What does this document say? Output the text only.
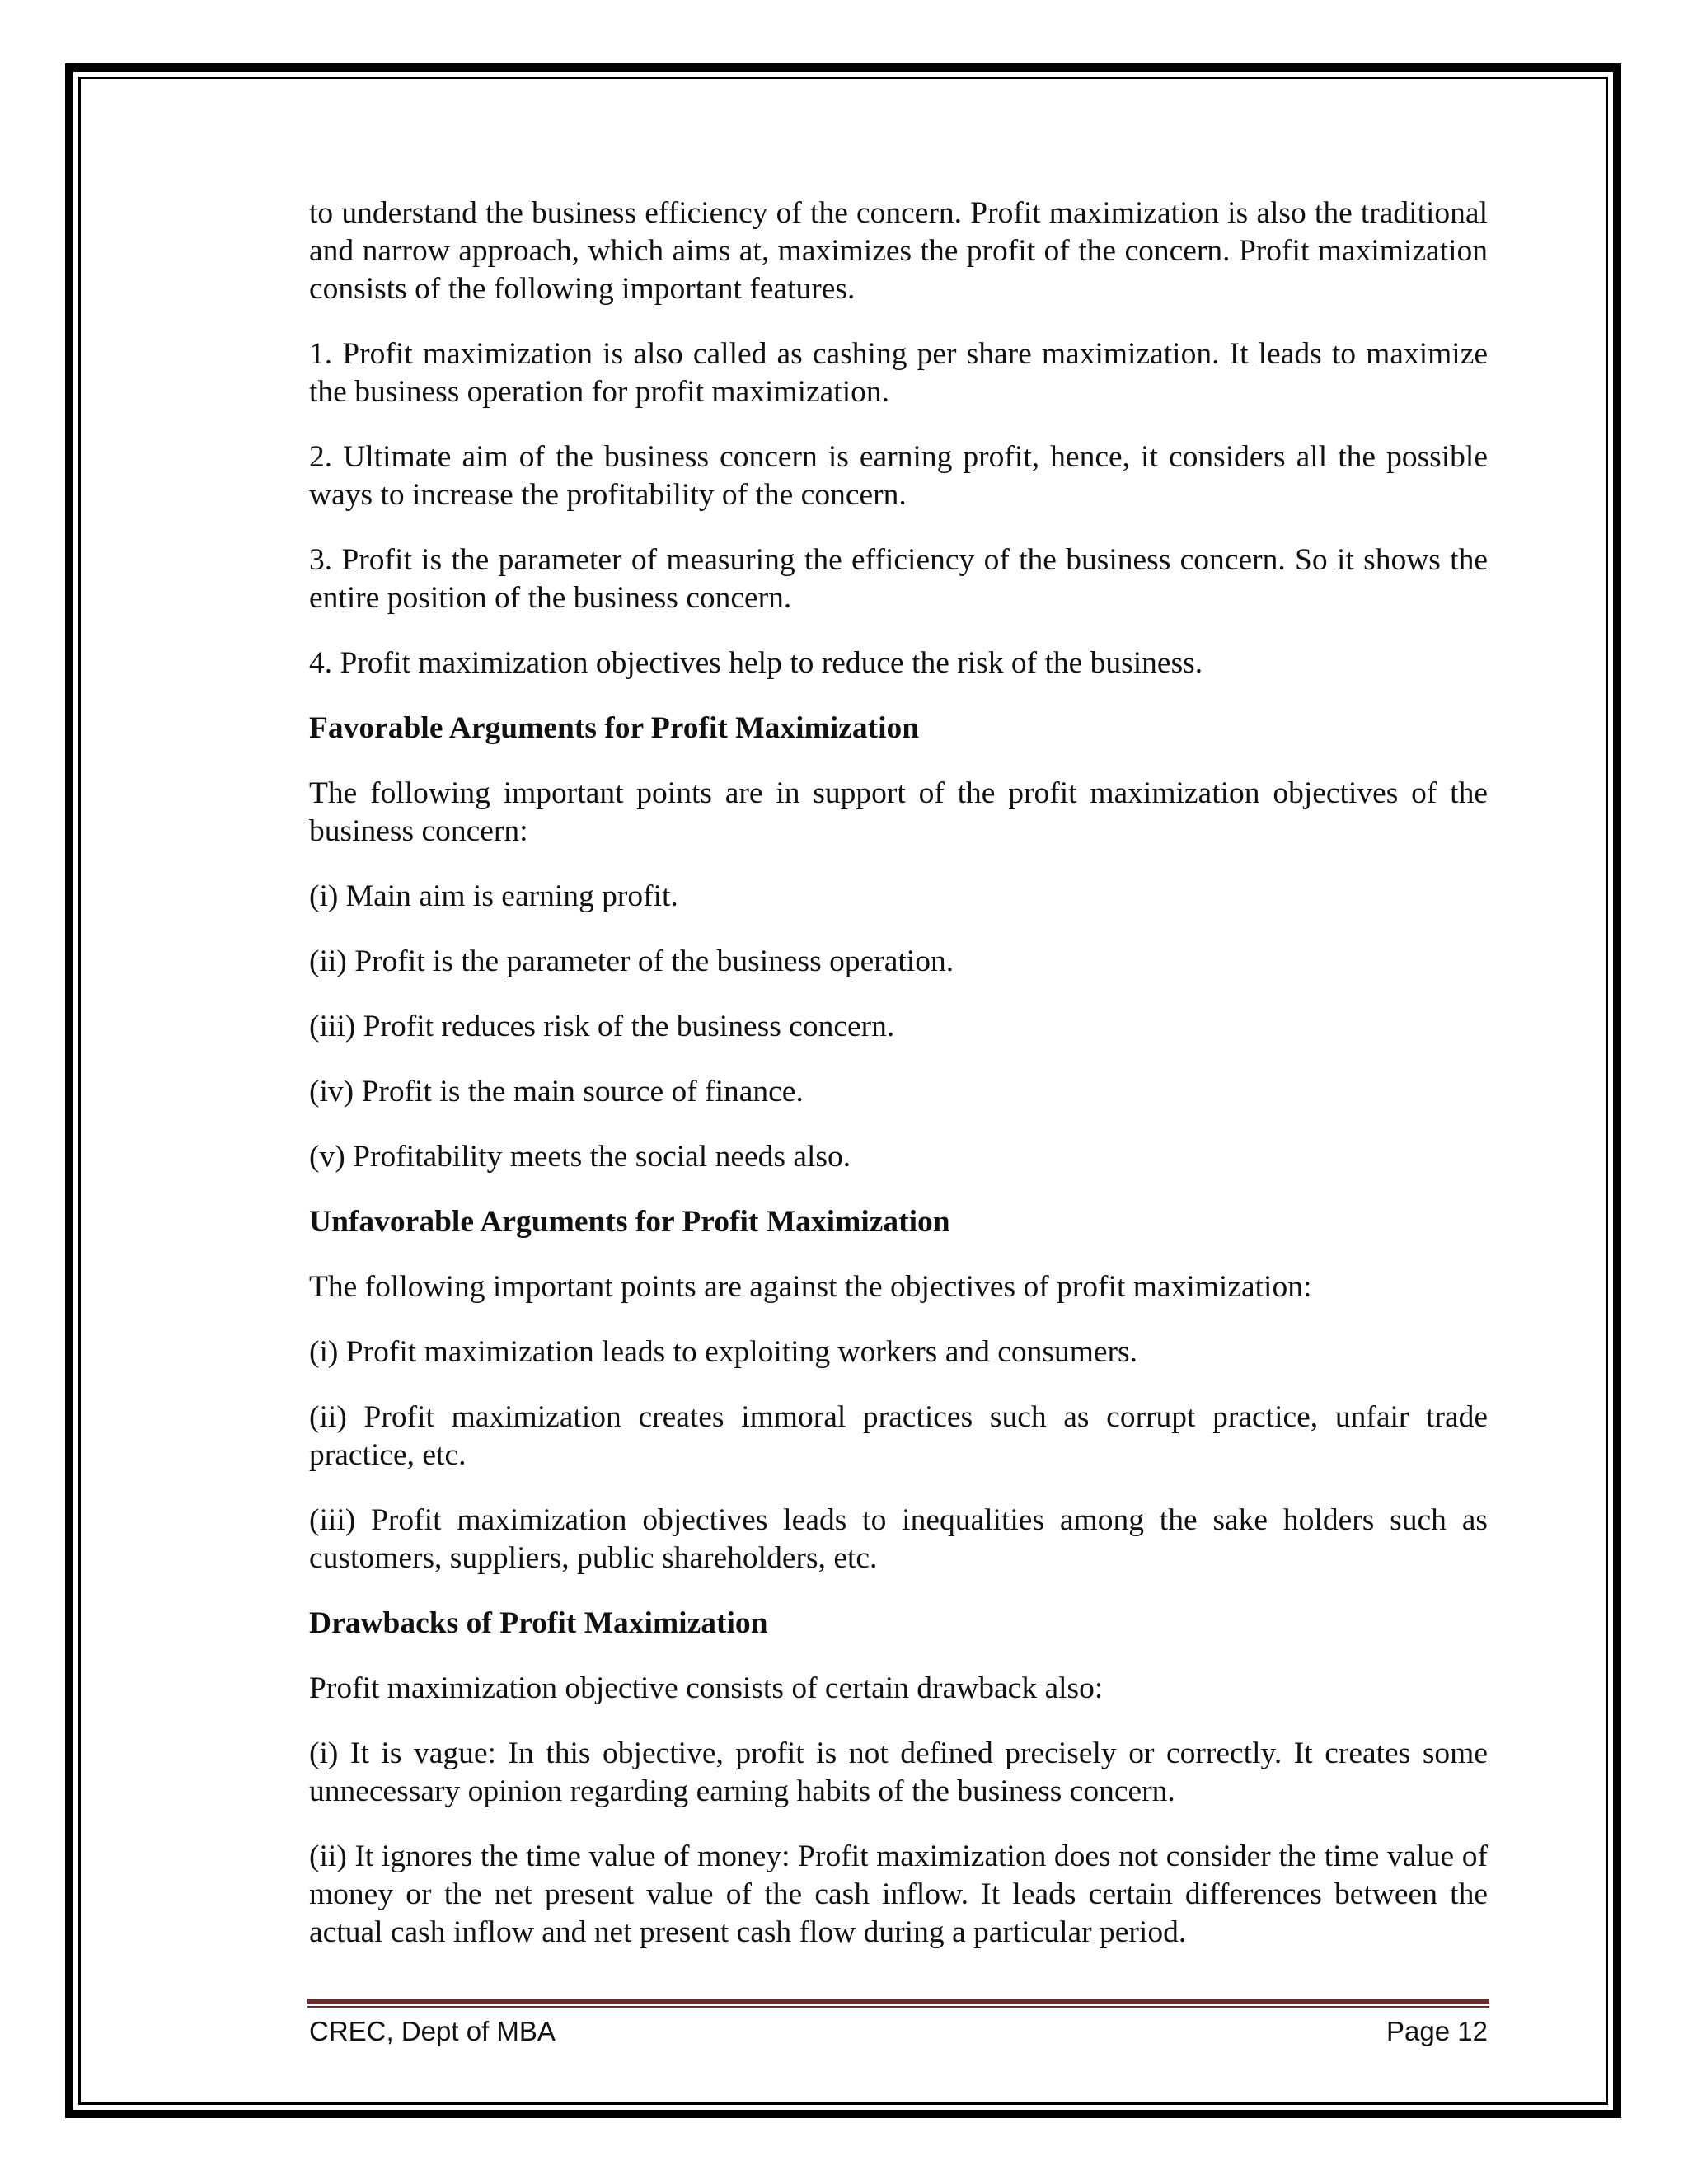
to understand the business efficiency of the concern. Profit maximization is also the traditional and narrow approach, which aims at, maximizes the profit of the concern. Profit maximization consists of the following important features.

1. Profit maximization is also called as cashing per share maximization. It leads to maximize the business operation for profit maximization.

2. Ultimate aim of the business concern is earning profit, hence, it considers all the possible ways to increase the profitability of the concern.

3. Profit is the parameter of measuring the efficiency of the business concern. So it shows the entire position of the business concern.

4. Profit maximization objectives help to reduce the risk of the business.

Favorable Arguments for Profit Maximization

The following important points are in support of the profit maximization objectives of the business concern:

(i) Main aim is earning profit.

(ii) Profit is the parameter of the business operation.

(iii) Profit reduces risk of the business concern.

(iv) Profit is the main source of finance.

(v) Profitability meets the social needs also.

Unfavorable Arguments for Profit Maximization

The following important points are against the objectives of profit maximization:

(i) Profit maximization leads to exploiting workers and consumers.

(ii) Profit maximization creates immoral practices such as corrupt practice, unfair trade practice, etc.

(iii) Profit maximization objectives leads to inequalities among the sake holders such as customers, suppliers, public shareholders, etc.

Drawbacks of Profit Maximization

Profit maximization objective consists of certain drawback also:

(i) It is vague: In this objective, profit is not defined precisely or correctly. It creates some unnecessary opinion regarding earning habits of the business concern.

(ii) It ignores the time value of money: Profit maximization does not consider the time value of money or the net present value of the cash inflow. It leads certain differences between the actual cash inflow and net present cash flow during a particular period.

CREC, Dept of MBA	Page 12
